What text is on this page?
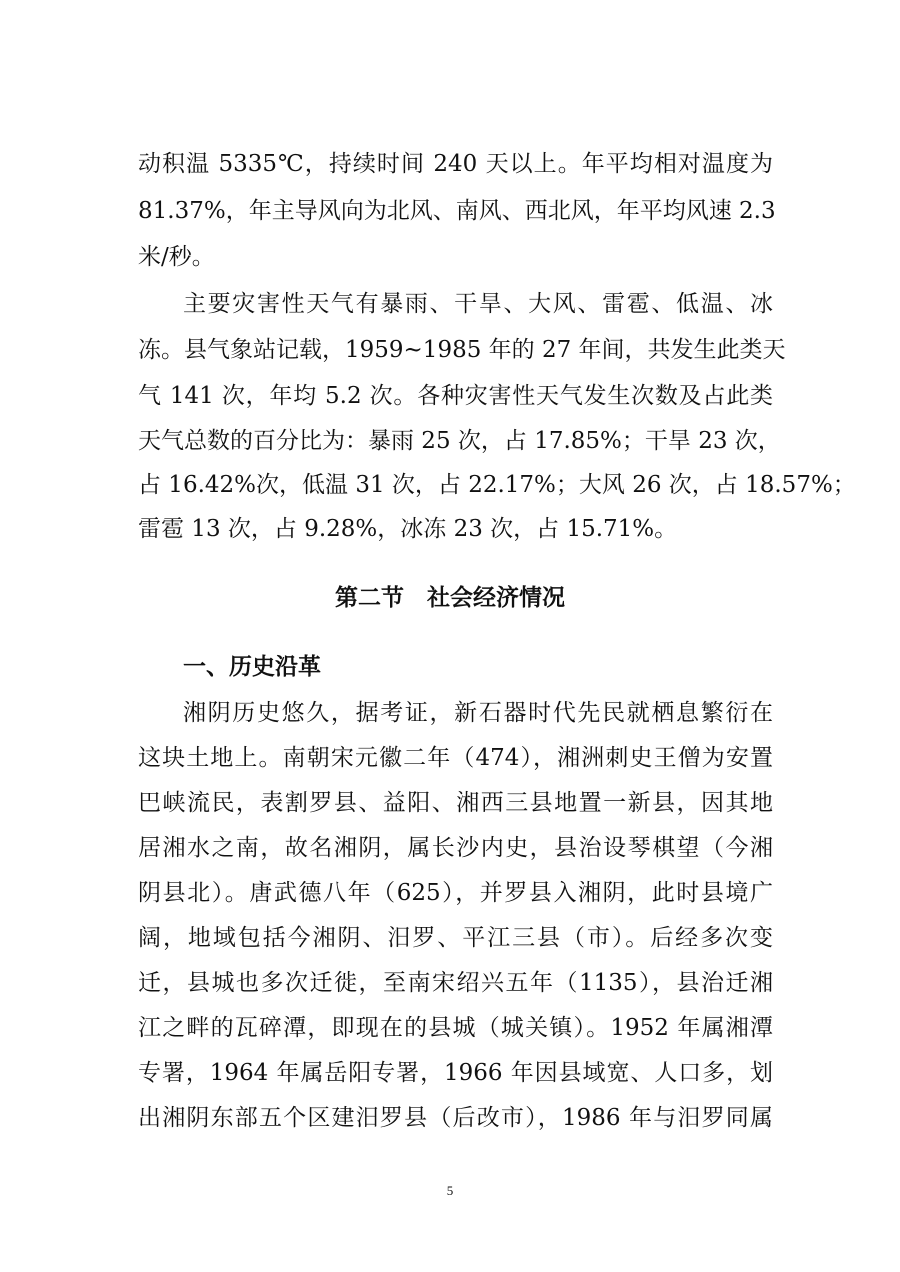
动积温 5335℃，持续时间 240 天以上。年平均相对温度为
81.37%，年主导风向为北风、南风、西北风，年平均风速 2.3
米/秒。
主要灾害性天气有暴雨、干旱、大风、雷雹、低温、冰
冻。县气象站记载，1959~1985 年的 27 年间，共发生此类天
气 141 次，年均 5.2 次。各种灾害性天气发生次数及占此类
天气总数的百分比为：暴雨 25 次，占 17.85%；干旱 23 次，
占 16.42%次，低温 31 次，占 22.17%；大风 26 次，占 18.57%；
雷雹 13 次，占 9.28%，冰冻 23 次，占 15.71%。
第二节　社会经济情况
一、历史沿革
湘阴历史悠久，据考证，新石器时代先民就栖息繁衍在
这块土地上。南朝宋元徽二年（474），湘洲刺史王僧为安置
巴峡流民，表割罗县、益阳、湘西三县地置一新县，因其地
居湘水之南，故名湘阴，属长沙内史，县治设琴棋望（今湘
阴县北）。唐武德八年（625），并罗县入湘阴，此时县境广
阔，地域包括今湘阴、汨罗、平江三县（市）。后经多次变
迁，县城也多次迁徙，至南宋绍兴五年（1135），县治迁湘
江之畔的瓦碎潭，即现在的县城（城关镇）。1952 年属湘潭
专署，1964 年属岳阳专署，1966 年因县域宽、人口多，划
出湘阴东部五个区建汨罗县（后改市），1986 年与汨罗同属
5
